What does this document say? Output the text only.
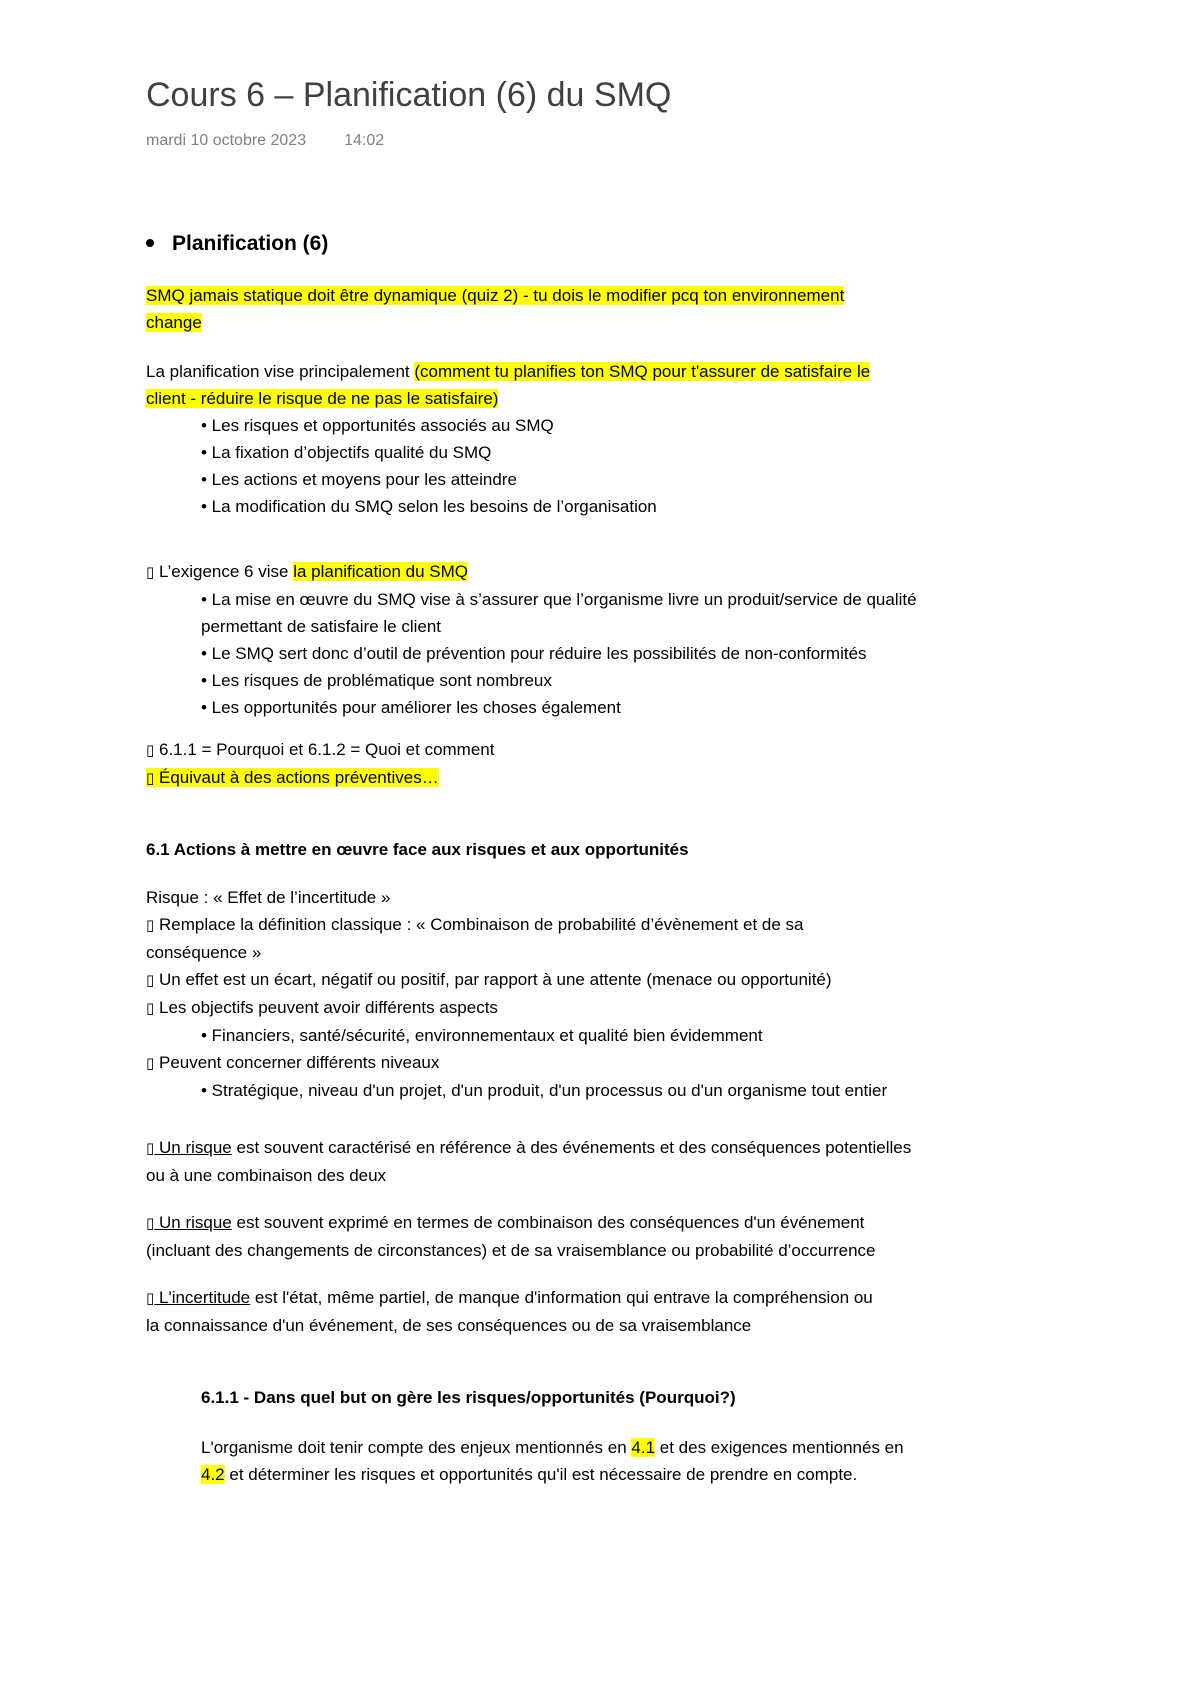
Cours 6 – Planification (6) du SMQ
mardi 10 octobre 2023 14:02
Planification (6)
SMQ jamais statique doit être dynamique (quiz 2) - tu dois le modifier pcq ton environnement
change
La planification vise principalement (comment tu planifies ton SMQ pour t'assurer de satisfaire le
client - réduire le risque de ne pas le satisfaire)
• Les risques et opportunités associés au SMQ
• La fixation d’objectifs qualité du SMQ
• Les actions et moyens pour les atteindre
• La modification du SMQ selon les besoins de l’organisation
▯ L’exigence 6 vise la planification du SMQ
• La mise en œuvre du SMQ vise à s’assurer que l’organisme livre un produit/service de qualité
permettant de satisfaire le client
• Le SMQ sert donc d’outil de prévention pour réduire les possibilités de non-conformités
• Les risques de problématique sont nombreux
• Les opportunités pour améliorer les choses également
▯ 6.1.1 = Pourquoi et 6.1.2 = Quoi et comment
▯ Équivaut à des actions préventives…
6.1 Actions à mettre en œuvre face aux risques et aux opportunités
Risque : « Effet de l’incertitude »
▯ Remplace la définition classique : « Combinaison de probabilité d’évènement et de sa
conséquence »
▯ Un effet est un écart, négatif ou positif, par rapport à une attente (menace ou opportunité)
▯ Les objectifs peuvent avoir différents aspects
• Financiers, santé/sécurité, environnementaux et qualité bien évidemment
▯ Peuvent concerner différents niveaux
• Stratégique, niveau d'un projet, d'un produit, d'un processus ou d'un organisme tout entier
▯ Un risque est souvent caractérisé en référence à des événements et des conséquences potentielles
ou à une combinaison des deux
▯ Un risque est souvent exprimé en termes de combinaison des conséquences d'un événement
(incluant des changements de circonstances) et de sa vraisemblance ou probabilité d’occurrence
▯ L'incertitude est l'état, même partiel, de manque d'information qui entrave la compréhension ou
la connaissance d'un événement, de ses conséquences ou de sa vraisemblance
6.1.1 - Dans quel but on gère les risques/opportunités (Pourquoi?)
L'organisme doit tenir compte des enjeux mentionnés en 4.1 et des exigences mentionnés en
4.2 et déterminer les risques et opportunités qu'il est nécessaire de prendre en compte.
